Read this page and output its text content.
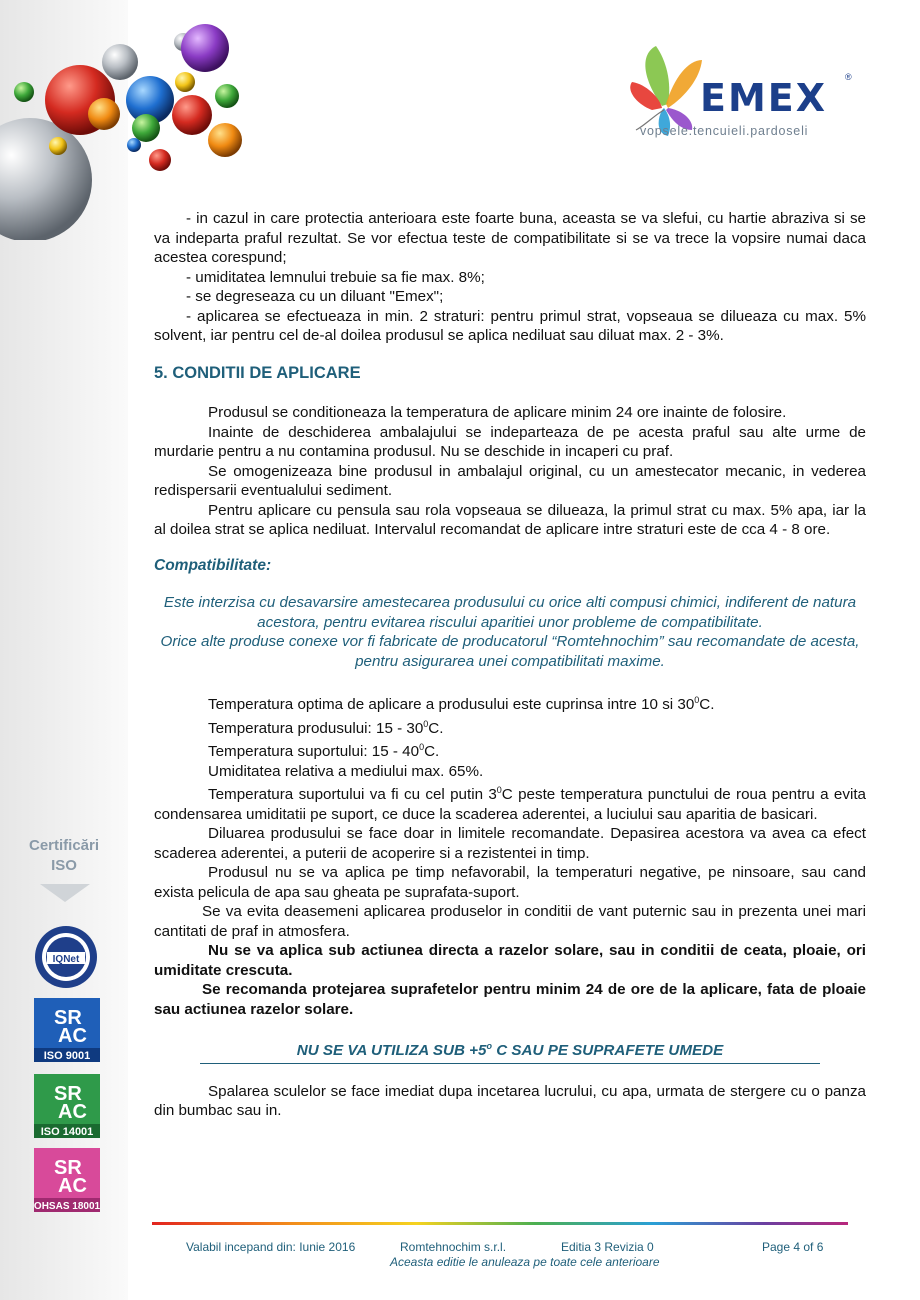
EMEX ®
vopsele.tencuieli.pardoseli
Certificări
ISO
IQNet
SR
AC
ISO 9001
SR
AC
ISO 14001
SR
AC
OHSAS 18001

- in cazul in care protectia anterioara este foarte buna, aceasta se va slefui, cu hartie abraziva si se va indeparta praful rezultat. Se vor efectua teste de compatibilitate si se va trece la vopsire numai daca acestea corespund;

- umiditatea lemnului trebuie sa fie max. 8%;

- se degreseaza cu un diluant "Emex";

- aplicarea se efectueaza in min. 2 straturi: pentru primul strat, vopseaua se dilueaza cu max. 5% solvent, iar pentru cel de-al doilea produsul se aplica nediluat sau diluat max. 2 - 3%.

5. CONDITII DE APLICARE

Produsul se conditioneaza la temperatura de aplicare minim 24 ore inainte de folosire.

Inainte de deschiderea ambalajului se indeparteaza de pe acesta praful sau alte urme de murdarie pentru a nu contamina produsul. Nu se deschide in incaperi cu praf.

Se omogenizeaza bine produsul in ambalajul original, cu un amestecator mecanic, in vederea redispersarii eventualului sediment.

Pentru aplicare cu pensula sau rola vopseaua se dilueaza, la primul strat cu max. 5% apa, iar la al doilea strat se aplica nediluat. Intervalul recomandat de aplicare intre straturi este de cca 4 - 8 ore.

Compatibilitate:

Este interzisa cu desavarsire amestecarea produsului cu orice alti compusi chimici, indiferent de natura acestora, pentru evitarea riscului aparitiei unor probleme de compatibilitate.

Orice alte produse conexe vor fi fabricate de producatorul “Romtehnochim” sau recomandate de acesta, pentru asigurarea unei compatibilitati maxime.

Temperatura optima de aplicare a produsului este cuprinsa intre 10 si $30^0C$.

Temperatura produsului: $15 - 30^0C$.

Temperatura suportului: $15 - 40^0C$.

Umiditatea relativa a mediului max. 65%.

Temperatura suportului va fi cu cel putin $3^0C$ peste temperatura punctului de roua pentru a evita condensarea umiditatii pe suport, ce duce la scaderea aderentei, a luciului sau aparitia de basicari.

Diluarea produsului se face doar in limitele recomandate. Depasirea acestora va avea ca efect scaderea aderentei, a puterii de acoperire si a rezistentei in timp.

Produsul nu se va aplica pe timp nefavorabil, la temperaturi negative, pe ninsoare, sau cand exista pelicula de apa sau gheata pe suprafata-suport.

Se va evita deasemeni aplicarea produselor in conditii de vant puternic sau in prezenta unei mari cantitati de praf in atmosfera.

Nu se va aplica sub actiunea directa a razelor solare, sau in conditii de ceata, ploaie, ori umiditate crescuta.

Se recomanda protejarea suprafetelor pentru minim 24 de ore de la aplicare, fata de ploaie sau actiunea razelor solare.

NU SE VA UTILIZA SUB $+5^o$ C SAU PE SUPRAFETE UMEDE

Spalarea sculelor se face imediat dupa incetarea lucrului, cu apa, urmata de stergere cu o panza din bumbac sau in.

Valabil incepand din: Iunie 2016	Romtehnochim s.r.l.	Editia 3 Revizia 0	Page 4 of 6
Aceasta editie le anuleaza pe toate cele anterioare
